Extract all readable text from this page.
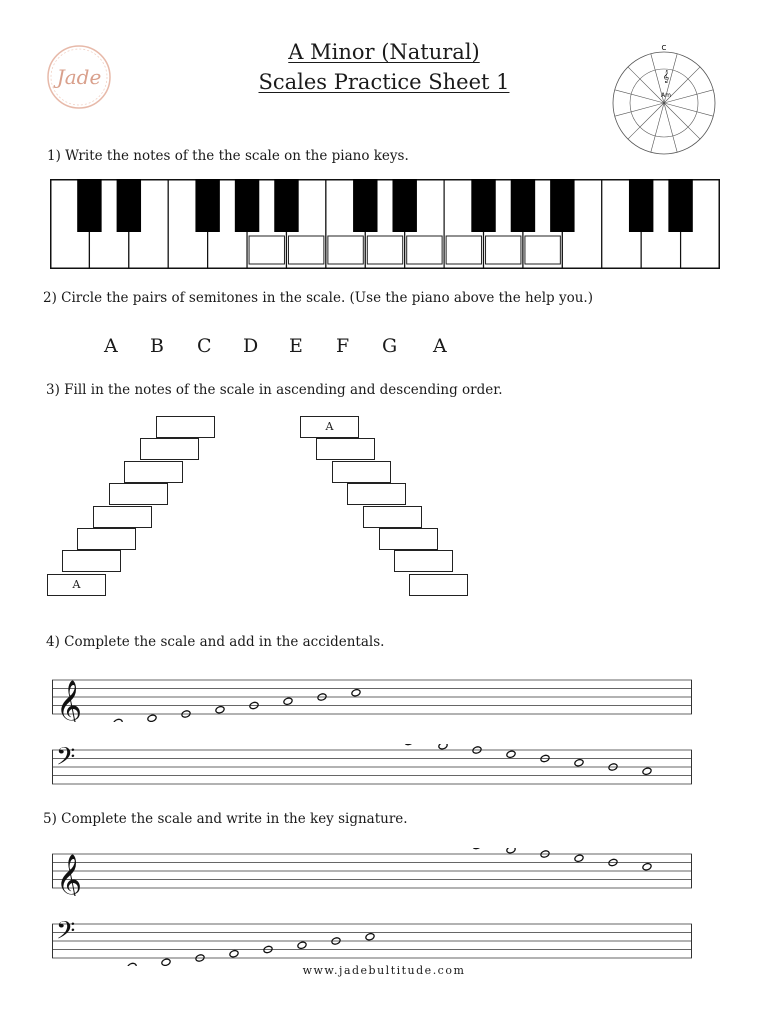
Jade
A Minor (Natural)
Scales Practice Sheet 1
C
𝄞
Am
1) Write the notes of the the scale on the piano keys.
2) Circle the pairs of semitones in the scale. (Use the piano above the help you.)
A B C D E F G A
3) Fill in the notes of the scale in ascending and descending order.
A
A
4) Complete the scale and add in the accidentals.
𝄞
𝄢
5) Complete the scale and write in the key signature.
𝄞
𝄢
www.jadebultitude.com
